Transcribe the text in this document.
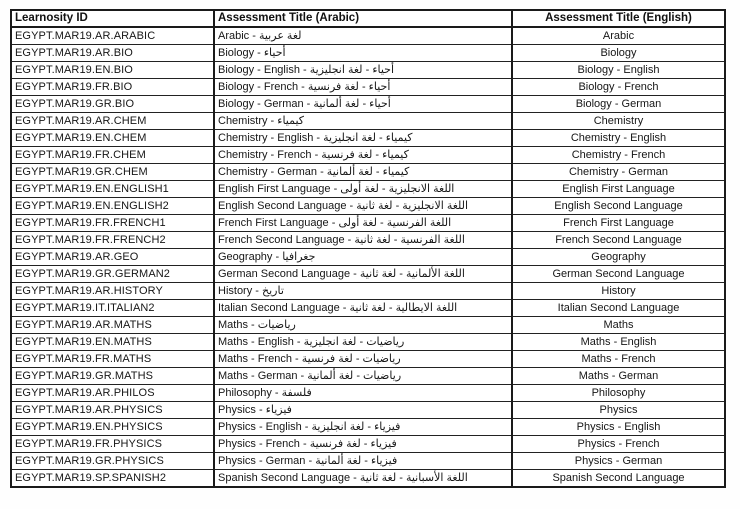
Learnosity ID	Assessment Title (Arabic)	Assessment Title (English)
EGYPT.MAR19.AR.ARABIC	Arabic - لغة عربية	Arabic
EGYPT.MAR19.AR.BIO	Biology - أحياء	Biology
EGYPT.MAR19.EN.BIO	Biology - English - أحياء - لغة انجليزية	Biology - English
EGYPT.MAR19.FR.BIO	Biology - French - أحياء - لغة فرنسية	Biology - French
EGYPT.MAR19.GR.BIO	Biology - German - أحياء - لغة ألمانية	Biology - German
EGYPT.MAR19.AR.CHEM	Chemistry - كيمياء	Chemistry
EGYPT.MAR19.EN.CHEM	Chemistry - English - كيمياء - لغة انجليزية	Chemistry - English
EGYPT.MAR19.FR.CHEM	Chemistry - French - كيمياء - لغة فرنسية	Chemistry - French
EGYPT.MAR19.GR.CHEM	Chemistry - German - كيمياء - لغة ألمانية	Chemistry - German
EGYPT.MAR19.EN.ENGLISH1	English First Language - اللغة الانجليزية - لغة أولى	English First Language
EGYPT.MAR19.EN.ENGLISH2	English Second Language - اللغة الانجليزية - لغة ثانية	English Second Language
EGYPT.MAR19.FR.FRENCH1	French First Language - اللغة الفرنسية - لغة أولى	French First Language
EGYPT.MAR19.FR.FRENCH2	French Second Language - اللغة الفرنسية - لغة ثانية	French Second Language
EGYPT.MAR19.AR.GEO	Geography - جغرافيا	Geography
EGYPT.MAR19.GR.GERMAN2	German Second Language - اللغة الألمانية - لغة ثانية	German Second Language
EGYPT.MAR19.AR.HISTORY	History - تاريخ	History
EGYPT.MAR19.IT.ITALIAN2	Italian Second Language - اللغة الايطالية - لغة ثانية	Italian Second Language
EGYPT.MAR19.AR.MATHS	Maths - رياضيات	Maths
EGYPT.MAR19.EN.MATHS	Maths - English - رياضيات - لغة انجليزية	Maths - English
EGYPT.MAR19.FR.MATHS	Maths - French - رياضيات - لغة فرنسية	Maths - French
EGYPT.MAR19.GR.MATHS	Maths - German - رياضيات - لغة ألمانية	Maths - German
EGYPT.MAR19.AR.PHILOS	Philosophy - فلسفة	Philosophy
EGYPT.MAR19.AR.PHYSICS	Physics - فيزياء	Physics
EGYPT.MAR19.EN.PHYSICS	Physics - English - فيزياء - لغة انجليزية	Physics - English
EGYPT.MAR19.FR.PHYSICS	Physics - French - فيزياء - لغة فرنسية	Physics - French
EGYPT.MAR19.GR.PHYSICS	Physics - German - فيزياء - لغة ألمانية	Physics - German
EGYPT.MAR19.SP.SPANISH2	Spanish Second Language - اللغة الأسبانية - لغة ثانية	Spanish Second Language
